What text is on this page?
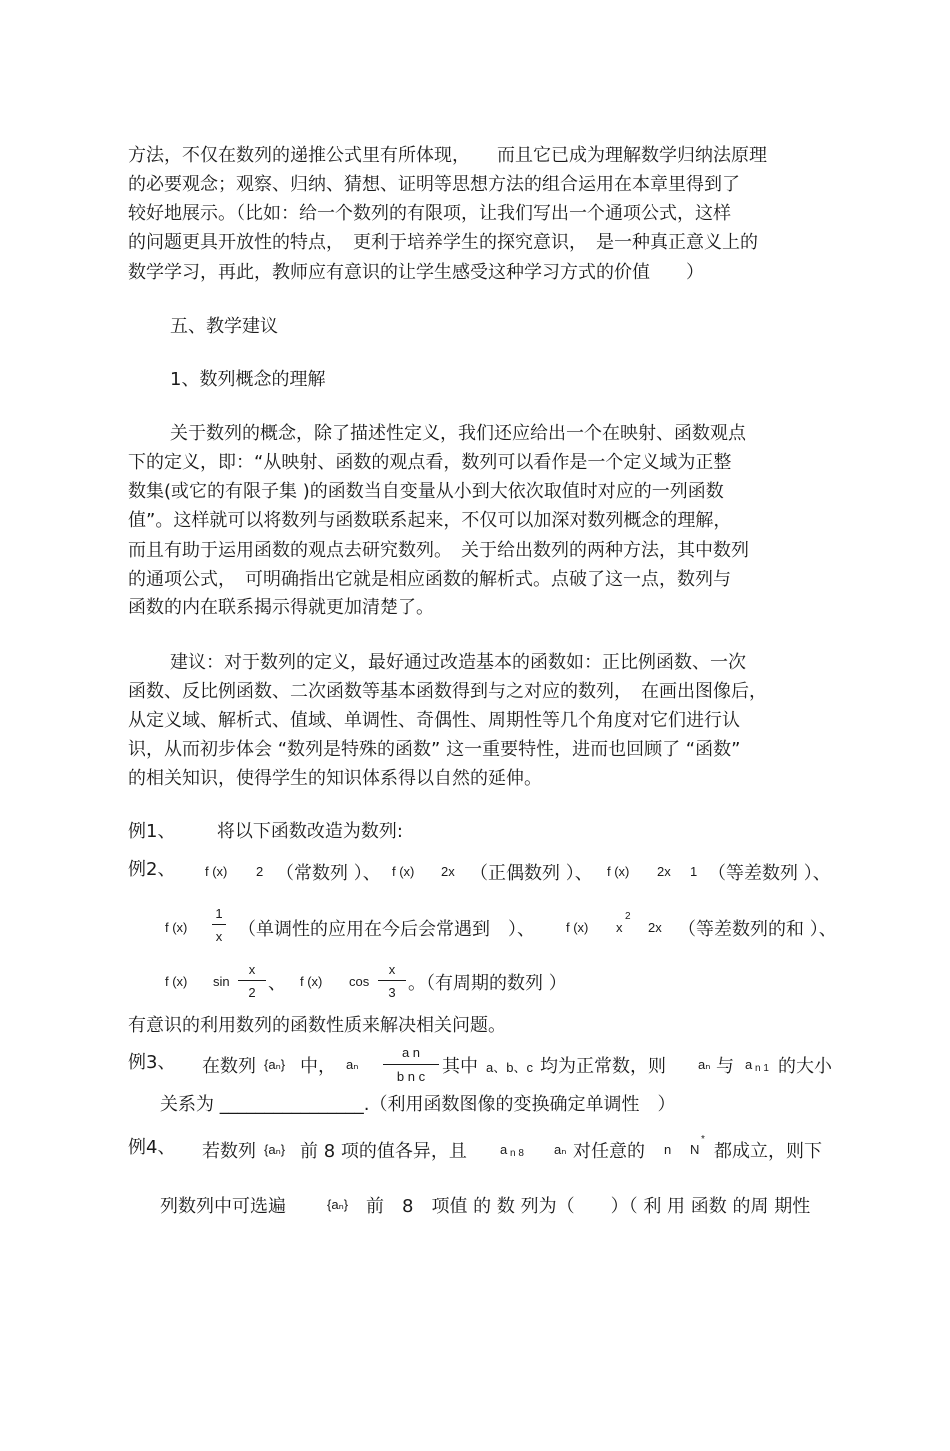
方法，不仅在数列的递推公式里有所体现，　　而且它已成为理解数学归纳法原理
的必要观念；观察、归纳、猜想、证明等思想方法的组合运用在本章里得到了
较好地展示。（比如：给一个数列的有限项，让我们写出一个通项公式，这样
的问题更具开放性的特点，　更利于培养学生的探究意识，　是一种真正意义上的
数学学习，再此，教师应有意识的让学生感受这种学习方式的价值　　）
五、教学建议
1、数列概念的理解
关于数列的概念，除了描述性定义，我们还应给出一个在映射、函数观点
下的定义，即：“从映射、函数的观点看，数列可以看作是一个定义域为正整
数集(或它的有限子集 )的函数当自变量从小到大依次取值时对应的一列函数
值”。这样就可以将数列与函数联系起来，不仅可以加深对数列概念的理解，
而且有助于运用函数的观点去研究数列。　关于给出数列的两种方法，其中数列
的通项公式，　可明确指出它就是相应函数的解析式。点破了这一点，数列与
函数的内在联系揭示得就更加清楚了。
建议：对于数列的定义，最好通过改造基本的函数如：正比例函数、一次
函数、反比例函数、二次函数等基本函数得到与之对应的数列，　在画出图像后，
从定义域、解析式、值域、单调性、奇偶性、周期性等几个角度对它们进行认
识，从而初步体会 “数列是特殊的函数” 这一重要特性，进而也回顾了 “函数”
的相关知识，使得学生的知识体系得以自然的延伸。
例1、 将以下函数改造为数列:
例2、 f (x) 2 （常数列 ）、 f (x) 2x （正偶数列 ）、 f (x) 2x 1 （等差数列 ）、
f (x)
1
x （单调性的应用在今后会常遇到　）、 f (x) x
2
2x （等差数列的和 ）、
f (x) sin
x
2 、 f (x) cos
x
3 。（有周期的数列 ）
有意识的利用数列的函数性质来解决相关问题。
例3、 在数列 {aₙ} 中， aₙ
a n
b n c 其中 a、b、c 均为正常数，则 aₙ 与 a n 1 的大小
关系为 ________________.（利用函数图像的变换确定单调性　）
例4、 若数列 {aₙ} 前 8 项的值各异，且	a n 8 aₙ 对任意的 n N
*
都成立，则下
列数列中可选遍	{aₙ} 前　8　项值 的 数 列为（　　）（ 利 用 函数 的周 期性
